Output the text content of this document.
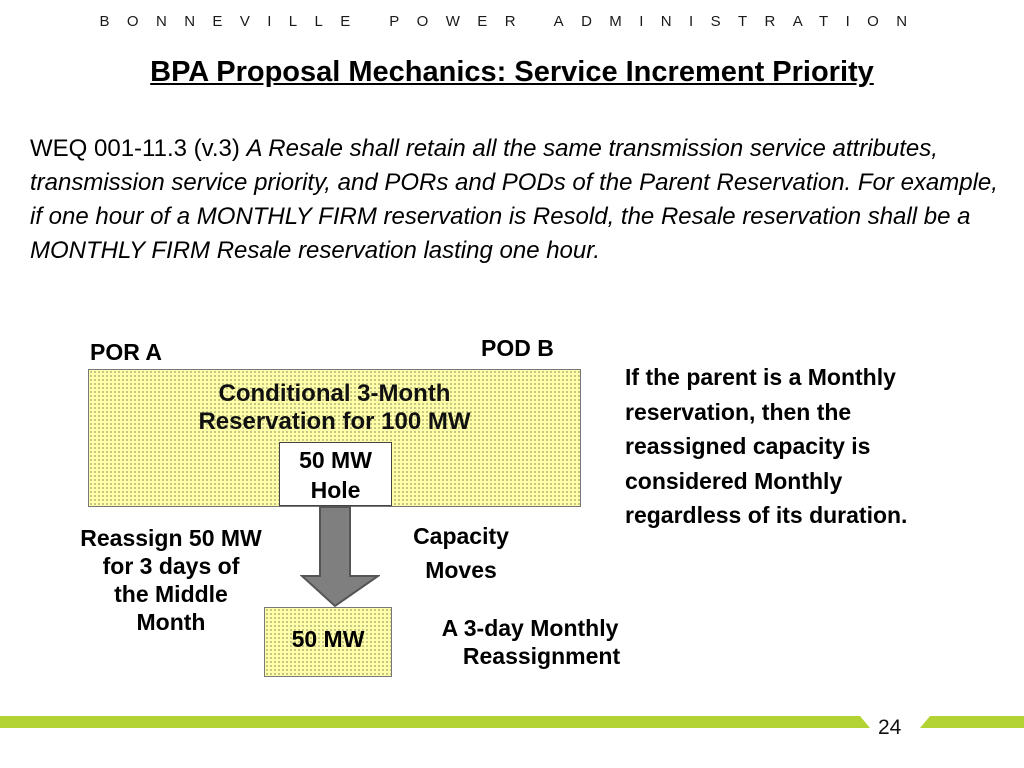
BONNEVILLE POWER ADMINISTRATION
BPA Proposal Mechanics: Service Increment Priority
WEQ 001-11.3 (v.3) A Resale shall retain all the same transmission service attributes, transmission service priority, and PORs and PODs of the Parent Reservation. For example, if one hour of a MONTHLY FIRM reservation is Resold, the Resale reservation shall be a MONTHLY FIRM Resale reservation lasting one hour.
POR A	POD B
Conditional 3-Month
Reservation for 100 MW
50 MW
Hole
Reassign 50 MW
for 3 days of
the Middle
Month
Capacity
Moves
50 MW	A 3-day Monthly
Reassignment
If the parent is a Monthly
reservation, then the
reassigned capacity is
considered Monthly
regardless of its duration.
24
